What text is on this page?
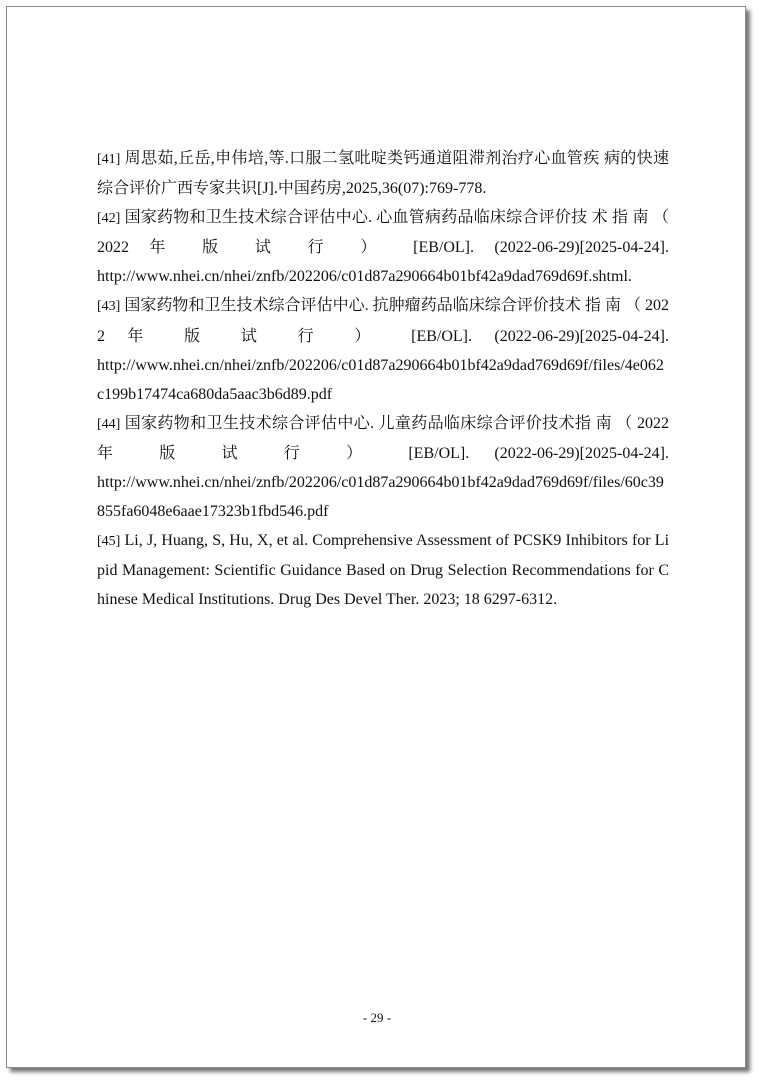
[41] 周思茹,丘岳,申伟培,等.口服二氢吡啶类钙通道阻滞剂治疗心血管疾 病的快速综合评价广西专家共识[J].中国药房,2025,36(07):769-778.

[42] 国家药物和卫生技术综合评估中心. 心血管病药品临床综合评价技 术 指 南 （ 2022 年 版 试 行 ） [EB/OL]. (2022-06-29)[2025-04-24]. http://www.nhei.cn/nhei/znfb/202206/c01d87a290664b01bf42a9dad769d69f.shtml.

[43] 国家药物和卫生技术综合评估中心. 抗肿瘤药品临床综合评价技术 指 南 （ 2022 年 版 试 行 ） [EB/OL]. (2022-06-29)[2025-04-24]. http://www.nhei.cn/nhei/znfb/202206/c01d87a290664b01bf42a9dad769d69f/files/4e062c199b17474ca680da5aac3b6d89.pdf

[44] 国家药物和卫生技术综合评估中心. 儿童药品临床综合评价技术指 南 （ 2022 年 版 试 行 ） [EB/OL]. (2022-06-29)[2025-04-24]. http://www.nhei.cn/nhei/znfb/202206/c01d87a290664b01bf42a9dad769d69f/files/60c39855fa6048e6aae17323b1fbd546.pdf

[45] Li, J, Huang, S, Hu, X, et al. Comprehensive Assessment of PCSK9 Inhibitors for Lipid Management: Scientific Guidance Based on Drug Selection Recommendations for Chinese Medical Institutions. Drug Des Devel Ther. 2023; 18 6297-6312.

- 29 -
